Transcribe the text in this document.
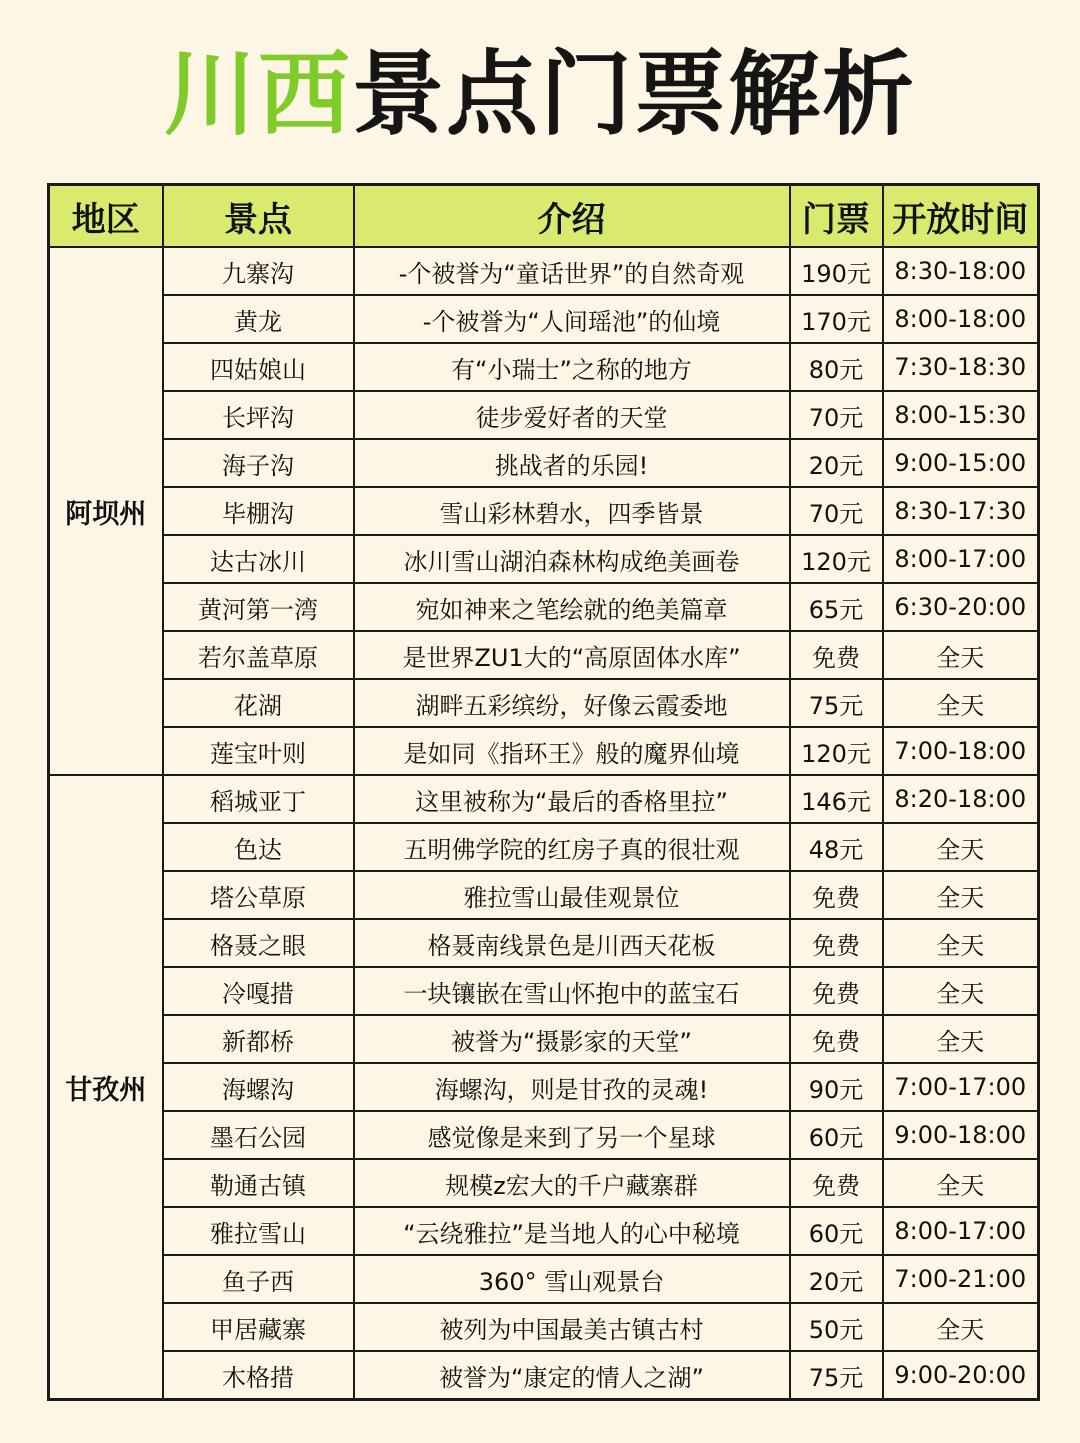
川西景点门票解析
地区	景点	介绍	门票	开放时间
阿坝州	九寨沟	-个被誉为“童话世界”的自然奇观	190元	8:30-18:00
	黄龙	-个被誉为“人间瑶池”的仙境	170元	8:00-18:00
	四姑娘山	有“小瑞士”之称的地方	80元	7:30-18:30
	长坪沟	徒步爱好者的天堂	70元	8:00-15:30
	海子沟	挑战者的乐园!	20元	9:00-15:00
	毕棚沟	雪山彩林碧水，四季皆景	70元	8:30-17:30
	达古冰川	冰川雪山湖泊森林构成绝美画卷	120元	8:00-17:00
	黄河第一湾	宛如神来之笔绘就的绝美篇章	65元	6:30-20:00
	若尔盖草原	是世界ZU1大的“高原固体水库”	免费	全天
	花湖	湖畔五彩缤纷，好像云霞委地	75元	全天
	莲宝叶则	是如同《指环王》般的魔界仙境	120元	7:00-18:00
甘孜州	稻城亚丁	这里被称为“最后的香格里拉”	146元	8:20-18:00
	色达	五明佛学院的红房子真的很壮观	48元	全天
	塔公草原	雅拉雪山最佳观景位	免费	全天
	格聂之眼	格聂南线景色是川西天花板	免费	全天
	冷嘎措	一块镶嵌在雪山怀抱中的蓝宝石	免费	全天
	新都桥	被誉为“摄影家的天堂”	免费	全天
	海螺沟	海螺沟，则是甘孜的灵魂!	90元	7:00-17:00
	墨石公园	感觉像是来到了另一个星球	60元	9:00-18:00
	勒通古镇	规模z宏大的千户藏寨群	免费	全天
	雅拉雪山	“云绕雅拉”是当地人的心中秘境	60元	8:00-17:00
	鱼子西	360° 雪山观景台	20元	7:00-21:00
	甲居藏寨	被列为中国最美古镇古村	50元	全天
	木格措	被誉为“康定的情人之湖”	75元	9:00-20:00
